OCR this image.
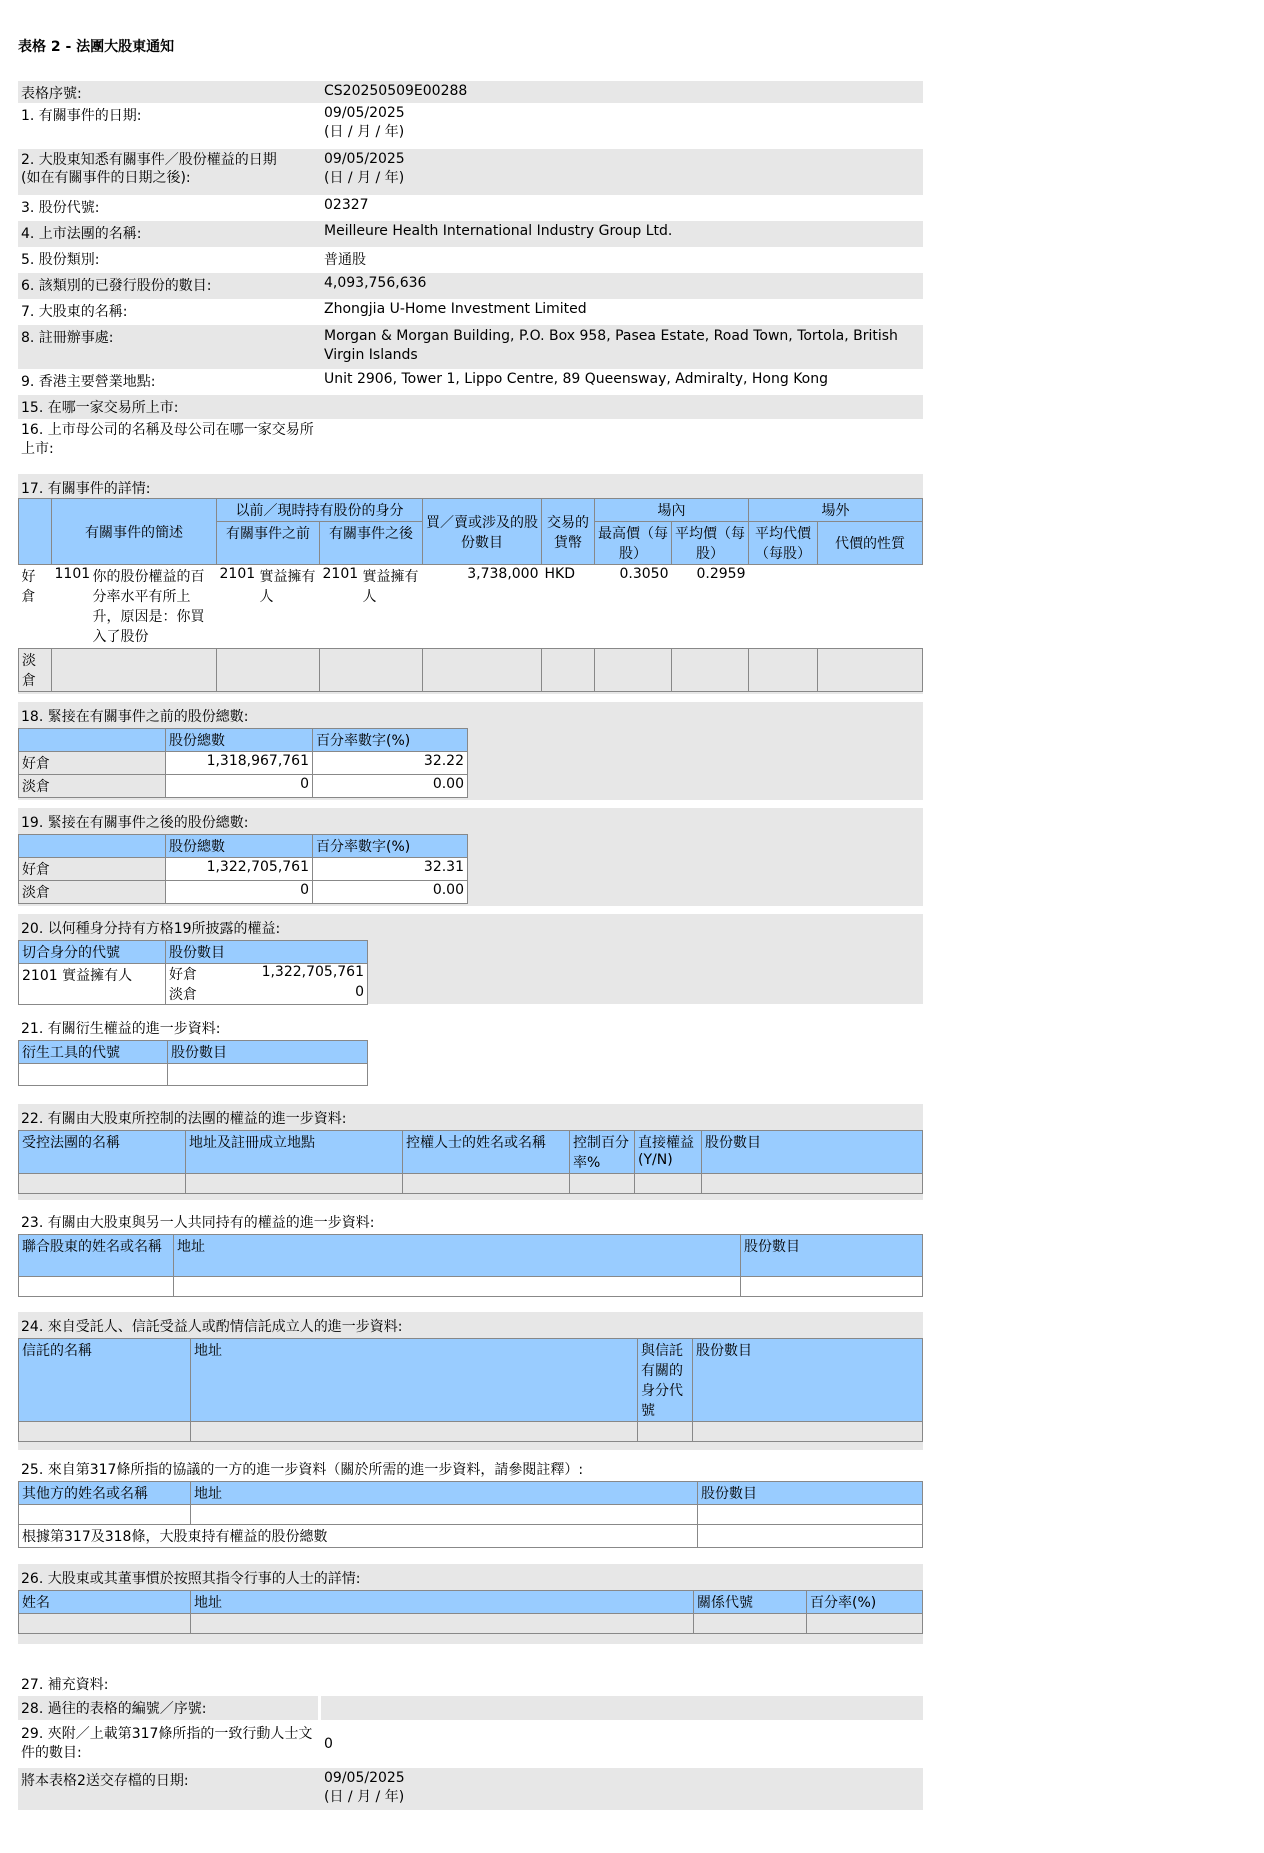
表格 2 - 法團大股東通知
表格序號:	CS20250509E00288
1. 有關事件的日期:	09/05/2025
(日 / 月 / 年)
2. 大股東知悉有關事件／股份權益的日期
(如在有關事件的日期之後):
09/05/2025
(日 / 月 / 年)
3. 股份代號:	02327
4. 上市法團的名稱:	Meilleure Health International Industry Group Ltd.
5. 股份類別:	普通股
6. 該類別的已發行股份的數目:	4,093,756,636
7. 大股東的名稱:	Zhongjia U-Home Investment Limited
8. 註冊辦事處:	Morgan & Morgan Building, P.O. Box 958, Pasea Estate, Road Town, Tortola, British Virgin Islands
9. 香港主要營業地點:	Unit 2906, Tower 1, Lippo Centre, 89 Queensway, Admiralty, Hong Kong
15. 在哪一家交易所上市:
16. 上市母公司的名稱及母公司在哪一家交易所上市:
17. 有關事件的詳情:
	有關事件的簡述	以前／現時持有股份的身分		買／賣或涉及的股份數目	交易的貨幣	場內		場外	
		有關事件之前	有關事件之後			最高價（每股）	平均價（每股）	平均代價（每股）	代價的性質
好倉	1101 你的股份權益的百分率水平有所上升，原因是：你買入了股份	2101 實益擁有人	2101 實益擁有人	3,738,000	HKD	0.3050	0.2959		
淡倉									
18. 緊接在有關事件之前的股份總數:
	股份總數	百分率數字(%)
好倉	1,318,967,761	32.22
淡倉	0	0.00
19. 緊接在有關事件之後的股份總數:
	股份總數	百分率數字(%)
好倉	1,322,705,761	32.31
淡倉	0	0.00
20. 以何種身分持有方格19所披露的權益:
切合身分的代號	股份數目
2101 實益擁有人	好倉 1,322,705,761
淡倉 0
21. 有關衍生權益的進一步資料:
衍生工具的代號	股份數目

22. 有關由大股東所控制的法團的權益的進一步資料:
受控法團的名稱	地址及註冊成立地點	控權人士的姓名或名稱	控制百分率%	直接權益(Y/N)	股份數目

23. 有關由大股東與另一人共同持有的權益的進一步資料:
聯合股東的姓名或名稱	地址	股份數目

24. 來自受託人、信託受益人或酌情信託成立人的進一步資料:
信託的名稱	地址	與信託有關的身分代號	股份數目

25. 來自第317條所指的協議的一方的進一步資料（關於所需的進一步資料，請參閱註釋）:
其他方的姓名或名稱	地址	股份數目

根據第317及318條，大股東持有權益的股份總數		
26. 大股東或其董事慣於按照其指令行事的人士的詳情:
姓名	地址	關係代號	百分率(%)

27. 補充資料:
28. 過往的表格的編號／序號:
29. 夾附／上載第317條所指的一致行動人士文件的數目:
0
將本表格2送交存檔的日期:	09/05/2025
(日 / 月 / 年)
